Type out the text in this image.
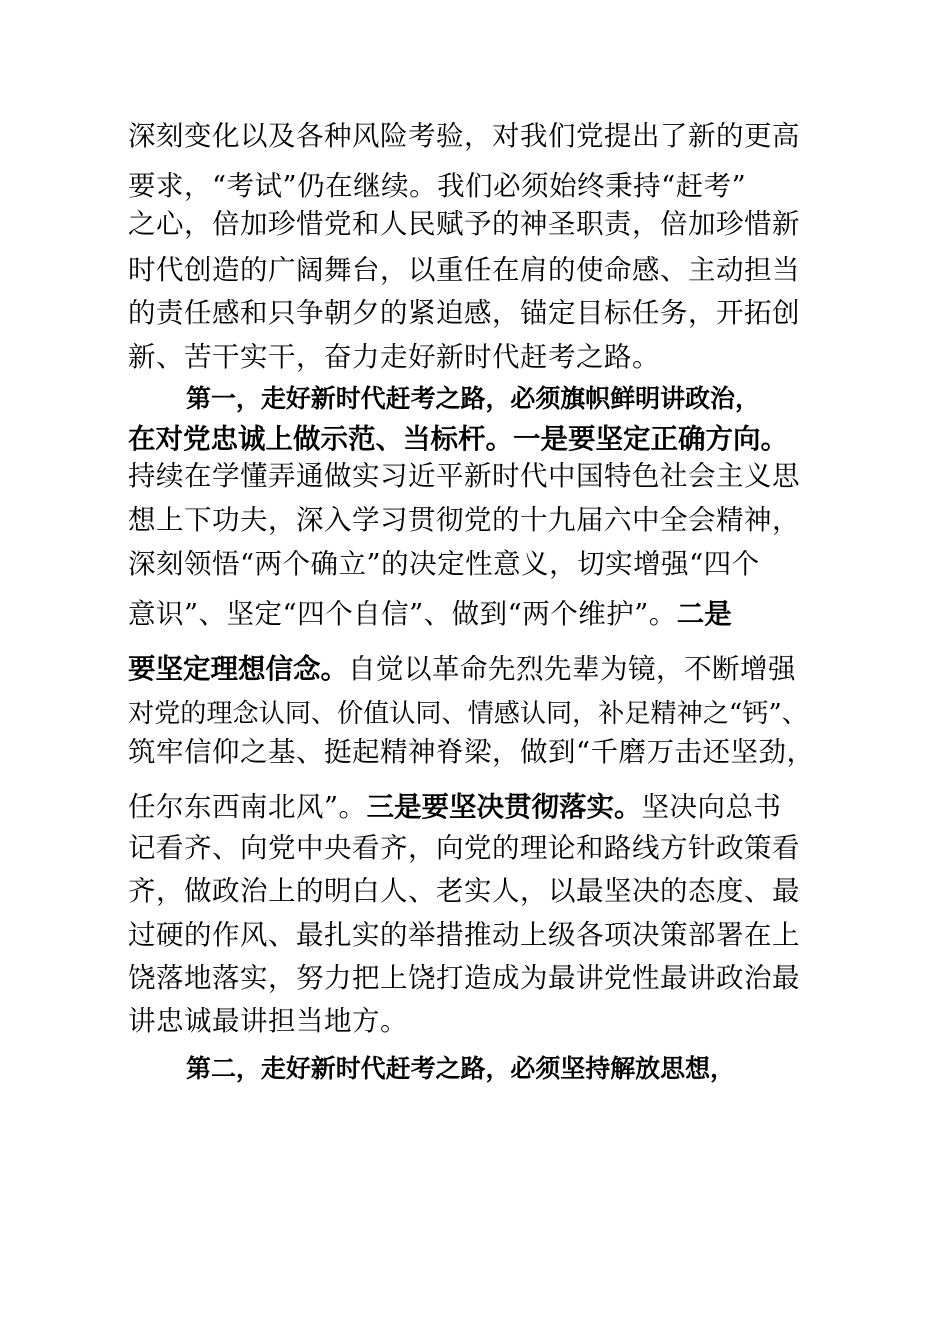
深刻变化以及各种风险考验，对我们党提出了新的更高
要求，“考试”仍在继续。我们必须始终秉持“赶考”
之心，倍加珍惜党和人民赋予的神圣职责，倍加珍惜新
时代创造的广阔舞台，以重任在肩的使命感、主动担当
的责任感和只争朝夕的紧迫感，锚定目标任务，开拓创
新、苦干实干，奋力走好新时代赶考之路。
第一，走好新时代赶考之路，必须旗帜鲜明讲政治，
在对党忠诚上做示范、当标杆。一是要坚定正确方向。
持续在学懂弄通做实习近平新时代中国特色社会主义思
想上下功夫，深入学习贯彻党的十九届六中全会精神，
深刻领悟“两个确立”的决定性意义，切实增强“四个
意识”、坚定“四个自信”、做到“两个维护”。二是
要坚定理想信念。自觉以革命先烈先辈为镜，不断增强
对党的理念认同、价值认同、情感认同，补足精神之“钙”、
筑牢信仰之基、挺起精神脊梁，做到“千磨万击还坚劲，
任尔东西南北风”。三是要坚决贯彻落实。坚决向总书
记看齐、向党中央看齐，向党的理论和路线方针政策看
齐，做政治上的明白人、老实人，以最坚决的态度、最
过硬的作风、最扎实的举措推动上级各项决策部署在上
饶落地落实，努力把上饶打造成为最讲党性最讲政治最
讲忠诚最讲担当地方。
第二，走好新时代赶考之路，必须坚持解放思想，
